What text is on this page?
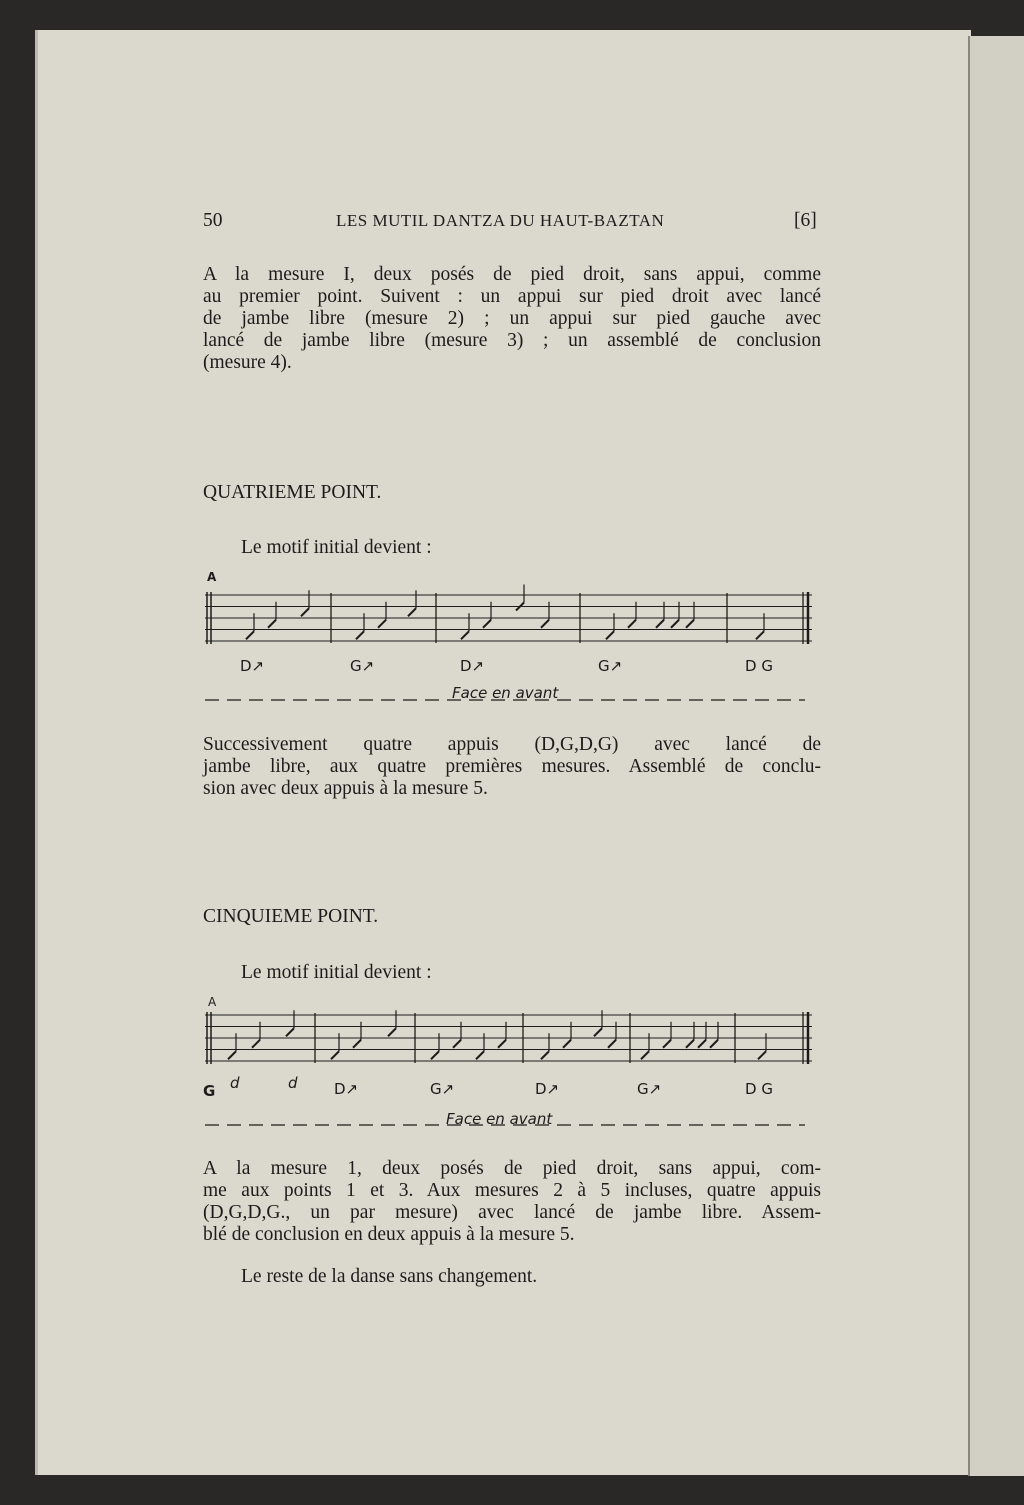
50	LES MUTIL DANTZA DU HAUT-BAZTAN	[6]
A la mesure I, deux posés de pied droit, sans appui, comme
au premier point. Suivent : un appui sur pied droit avec lancé
de jambe libre (mesure 2) ; un appui sur pied gauche avec
lancé de jambe libre (mesure 3) ; un assemblé de conclusion
(mesure 4).
QUATRIEME POINT.
Le motif initial devient :
A
D↗	G↗	D↗	G↗	D G
Face en avant
Successivement quatre appuis (D,G,D,G) avec lancé de
jambe libre, aux quatre premières mesures. Assemblé de conclu-
sion avec deux appuis à la mesure 5.
CINQUIEME POINT.
Le motif initial devient :
A
G d	d D↗	G↗	D↗	G↗	D G
Face en avant
A la mesure 1, deux posés de pied droit, sans appui, com-
me aux points 1 et 3. Aux mesures 2 à 5 incluses, quatre appuis
(D,G,D,G., un par mesure) avec lancé de jambe libre. Assem-
blé de conclusion en deux appuis à la mesure 5.
Le reste de la danse sans changement.
